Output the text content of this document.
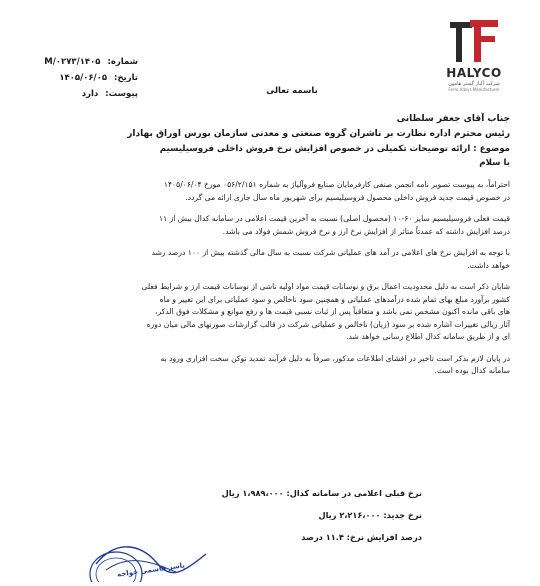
HALYCO
شرکت آلیاژ گستر هامون
Ferro Alloys Manufacturer
شماره: ۱۴۰۵/M/۰۲۷۳
تاریخ: ۱۴۰۵/۰۶/۰۵
پیوست: دارد	باسمه تعالی
جناب آقای جعفر سلطانی
رئیس محترم اداره نظارت بر ناشران گروه صنعتی و معدنی سازمان بورس اوراق بهادار
موضوع : ارائه توضیحات تکمیلی در خصوص افزایش نرخ فروش داخلی فروسیلیسیم
با سلام

احتراماً، به پیوست تصویر نامه انجمن صنفی کارفرمایان صنایع فروآلیاژ به شماره ۰۵۶/۲/۱۵۱ مورخ ۱۴۰۵/۰۶/۰۴

در خصوص قیمت جدید فروش داخلی محصول فروسیلیسیم برای شهریور ماه سال جاری ارائه می گردد.

قیمت فعلی فروسیلیسیم سایز ۶۰-۱۰ (محصول اصلی) نسبت به آخرین قیمت اعلامی در سامانه کدال بیش از ۱۱

درصد افزایش داشته که عمدتاً متاثر از افزایش نرخ ارز و نرخ فروش شمش فولاد می باشد.

با توجه به افزایش نرخ های اعلامی در آمد های عملیاتی شرکت نسبت به سال مالی گذشته بیش از ۱۰۰ درصد رشد

خواهد داشت.

شایان ذکر است به دلیل محدودیت اعمال برق و نوسانات قیمت مواد اولیه ناشی از نوسانات قیمت ارز و شرایط فعلی

کشور برآورد مبلغ بهای تمام شده درآمدهای عملیاتی و همچنین سود ناخالص و سود عملیاتی برای این تغییر و ماه

های باقی مانده اکنون مشخص نمی باشد و متعاقباً پس از ثبات نسبی قیمت ها و رفع موانع و مشکلات فوق الذکر،

آثار ریالی تغییرات اشاره شده بر سود (زیان) ناخالص و عملیاتی شرکت در قالب گزارشات صورتهای مالی میان دوره

ای و از طریق سامانه کدال اطلاع رسانی خواهد شد.

در پایان لازم بذکر است تاخیر در افشای اطلاعات مذکور، صرفاً به دلیل فرآیند تمدید توکن سخت افزاری ورود به

سامانه کدال بوده است.

نرخ قبلی اعلامی در سامانه کدال: ۱،۹۸۹،۰۰۰ ریال
نرخ جدید: ۲،۲۱۶،۰۰۰ ریال
درصد افزایش نرخ: ۱۱.۴ درصد
یاسر قاسمی خواجه
